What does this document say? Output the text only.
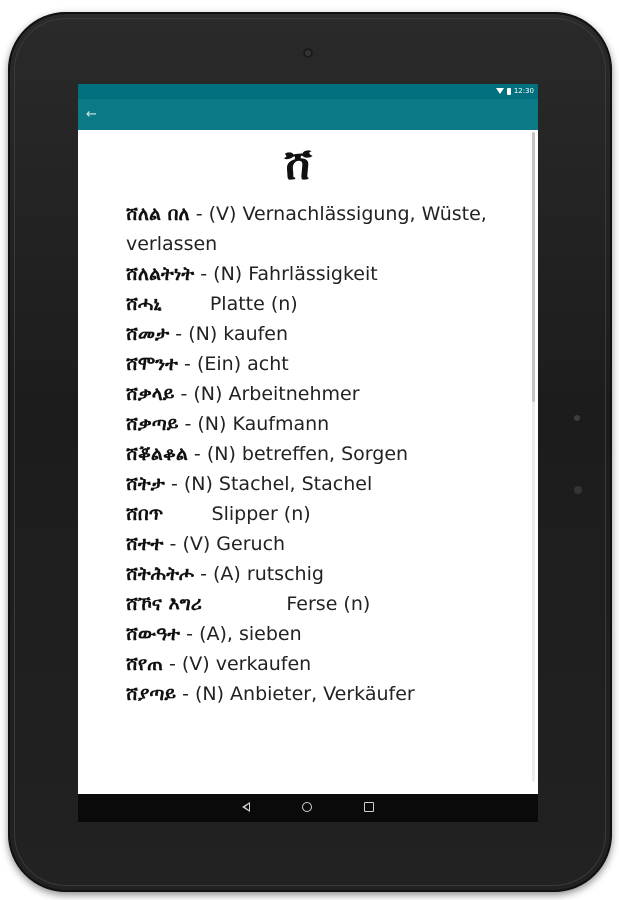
12:30
←
ሸ
ሸለል በለ - (V) Vernachlässigung, Wüste, verlassen
ሸለልትነት - (N) Fahrlässigkeit
ሸሓኒ	Platte (n)
ሸመታ - (N) kaufen
ሸሞንተ - (Ein) acht
ሸቃላይ - (N) Arbeitnehmer
ሸቃጣይ - (N) Kaufmann
ሸቖልቆል - (N) betreffen, Sorgen
ሸትታ - (N) Stachel, Stachel
ሸበጥ	Slipper (n)
ሸተተ - (V) Geruch
ሸትሕትሖ - (A) rutschig
ሸኾና እግሪ	Ferse (n)
ሸውዓተ - (A), sieben
ሸየጠ - (V) verkaufen
ሸያጣይ - (N) Anbieter, Verkäufer
